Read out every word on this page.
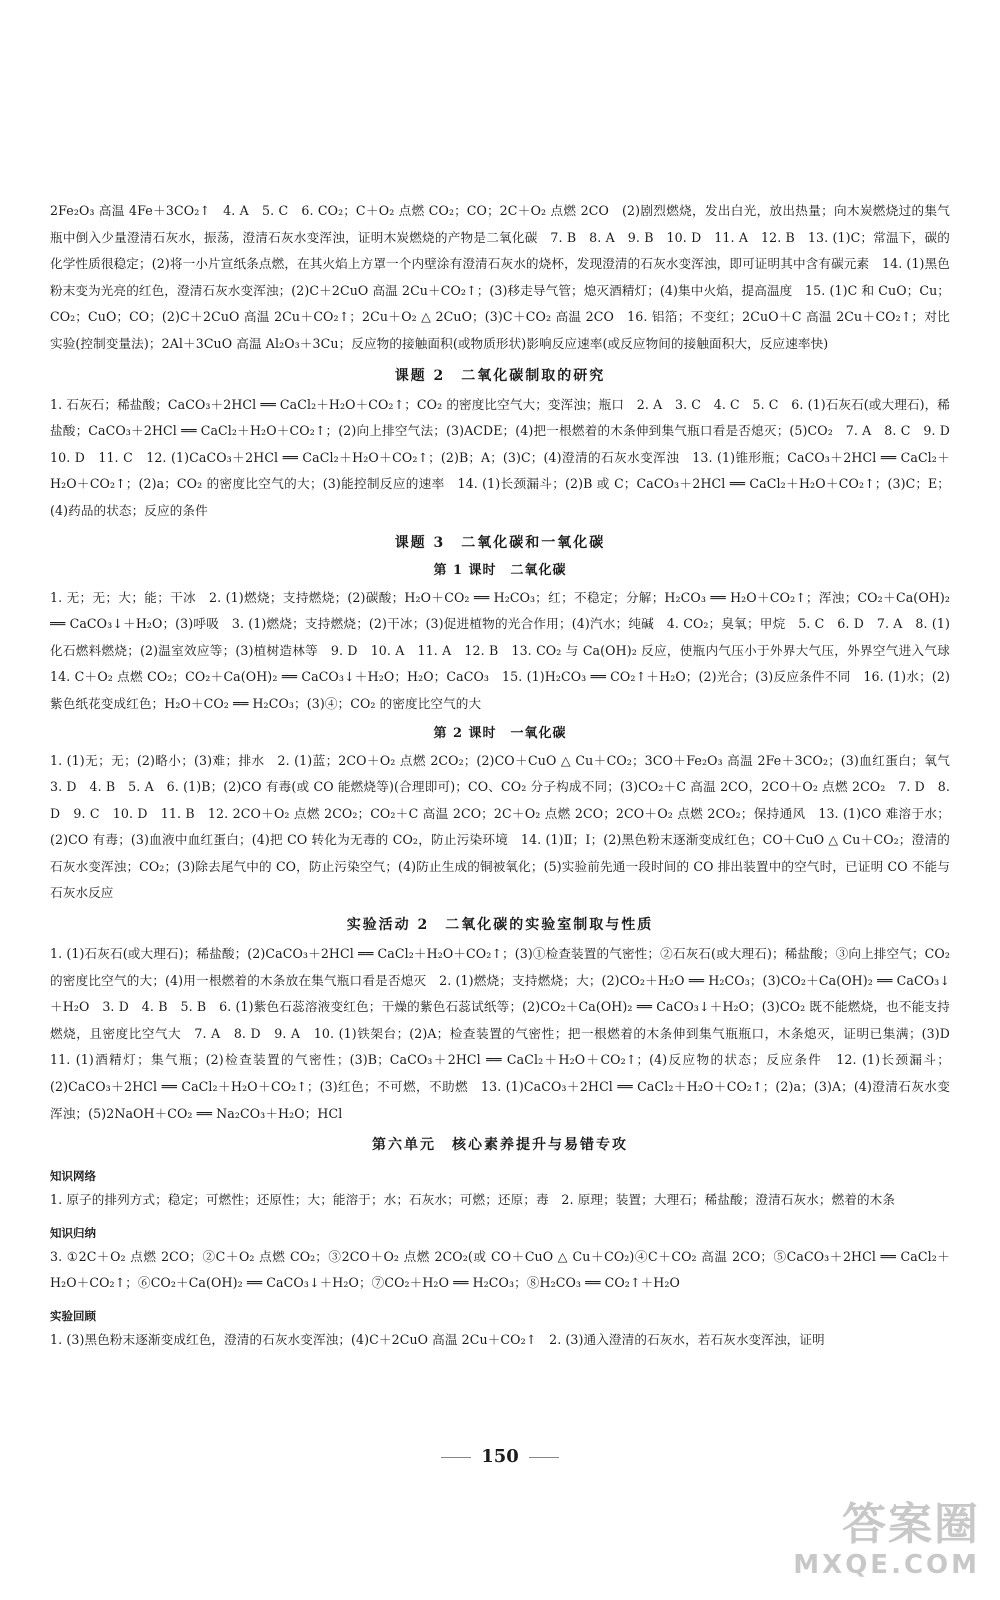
2Fe₂O₃ 高温 4Fe＋3CO₂↑　4. A　5. C　6. CO₂；C＋O₂ 点燃 CO₂；CO；2C＋O₂ 点燃 2CO　(2)剧烈燃烧，发出白光，放出热量；向木炭燃烧过的集气瓶中倒入少量澄清石灰水，振荡，澄清石灰水变浑浊，证明木炭燃烧的产物是二氧化碳　7. B　8. A　9. B　10. D　11. A　12. B　13. (1)C；常温下，碳的化学性质很稳定；(2)将一小片宣纸条点燃，在其火焰上方罩一个内壁涂有澄清石灰水的烧杯，发现澄清的石灰水变浑浊，即可证明其中含有碳元素　14. (1)黑色粉末变为光亮的红色，澄清石灰水变浑浊；(2)C＋2CuO 高温 2Cu＋CO₂↑；(3)移走导气管；熄灭酒精灯；(4)集中火焰，提高温度　15. (1)C 和 CuO；Cu；CO₂；CuO；CO；(2)C＋2CuO 高温 2Cu＋CO₂↑；2Cu＋O₂ △ 2CuO；(3)C＋CO₂ 高温 2CO　16. 铝箔；不变红；2CuO＋C 高温 2Cu＋CO₂↑；对比实验(控制变量法)；2Al＋3CuO 高温 Al₂O₃＋3Cu；反应物的接触面积(或物质形状)影响反应速率(或反应物间的接触面积大，反应速率快)

课题 2　二氧化碳制取的研究

1. 石灰石；稀盐酸；CaCO₃＋2HCl ══ CaCl₂＋H₂O＋CO₂↑；CO₂ 的密度比空气大；变浑浊；瓶口　2. A　3. C　4. C　5. C　6. (1)石灰石(或大理石)，稀盐酸；CaCO₃＋2HCl ══ CaCl₂＋H₂O＋CO₂↑；(2)向上排空气法；(3)ACDE；(4)把一根燃着的木条伸到集气瓶口看是否熄灭；(5)CO₂　7. A　8. C　9. D　10. D　11. C　12. (1)CaCO₃＋2HCl ══ CaCl₂＋H₂O＋CO₂↑；(2)B；A；(3)C；(4)澄清的石灰水变浑浊　13. (1)锥形瓶；CaCO₃＋2HCl ══ CaCl₂＋H₂O＋CO₂↑；(2)a；CO₂ 的密度比空气的大；(3)能控制反应的速率　14. (1)长颈漏斗；(2)B 或 C；CaCO₃＋2HCl ══ CaCl₂＋H₂O＋CO₂↑；(3)C；E；(4)药品的状态；反应的条件

课题 3　二氧化碳和一氧化碳
第 1 课时　二氧化碳

1. 无；无；大；能；干冰　2. (1)燃烧；支持燃烧；(2)碳酸；H₂O＋CO₂ ══ H₂CO₃；红；不稳定；分解；H₂CO₃ ══ H₂O＋CO₂↑；浑浊；CO₂＋Ca(OH)₂ ══ CaCO₃↓＋H₂O；(3)呼吸　3. (1)燃烧；支持燃烧；(2)干冰；(3)促进植物的光合作用；(4)汽水；纯碱　4. CO₂；臭氧；甲烷　5. C　6. D　7. A　8. (1)化石燃料燃烧；(2)温室效应等；(3)植树造林等　9. D　10. A　11. A　12. B　13. CO₂ 与 Ca(OH)₂ 反应，使瓶内气压小于外界大气压，外界空气进入气球　14. C＋O₂ 点燃 CO₂；CO₂＋Ca(OH)₂ ══ CaCO₃↓＋H₂O；H₂O；CaCO₃　15. (1)H₂CO₃ ══ CO₂↑＋H₂O；(2)光合；(3)反应条件不同　16. (1)水；(2)紫色纸花变成红色；H₂O＋CO₂ ══ H₂CO₃；(3)④；CO₂ 的密度比空气的大

第 2 课时　一氧化碳

1. (1)无；无；(2)略小；(3)难；排水　2. (1)蓝；2CO＋O₂ 点燃 2CO₂；(2)CO＋CuO △ Cu＋CO₂；3CO＋Fe₂O₃ 高温 2Fe＋3CO₂；(3)血红蛋白；氧气　3. D　4. B　5. A　6. (1)B；(2)CO 有毒(或 CO 能燃烧等)(合理即可)；CO、CO₂ 分子构成不同；(3)CO₂＋C 高温 2CO，2CO＋O₂ 点燃 2CO₂　7. D　8. D　9. C　10. D　11. B　12. 2CO＋O₂ 点燃 2CO₂；CO₂＋C 高温 2CO；2C＋O₂ 点燃 2CO；2CO＋O₂ 点燃 2CO₂；保持通风　13. (1)CO 难溶于水；(2)CO 有毒；(3)血液中血红蛋白；(4)把 CO 转化为无毒的 CO₂，防止污染环境　14. (1)Ⅱ；Ⅰ；(2)黑色粉末逐渐变成红色；CO＋CuO △ Cu＋CO₂；澄清的石灰水变浑浊；CO₂；(3)除去尾气中的 CO，防止污染空气；(4)防止生成的铜被氧化；(5)实验前先通一段时间的 CO 排出装置中的空气时，已证明 CO 不能与石灰水反应

实验活动 2　二氧化碳的实验室制取与性质

1. (1)石灰石(或大理石)；稀盐酸；(2)CaCO₃＋2HCl ══ CaCl₂＋H₂O＋CO₂↑；(3)①检查装置的气密性；②石灰石(或大理石)；稀盐酸；③向上排空气；CO₂ 的密度比空气的大；(4)用一根燃着的木条放在集气瓶口看是否熄灭　2. (1)燃烧；支持燃烧；大；(2)CO₂＋H₂O ══ H₂CO₃；(3)CO₂＋Ca(OH)₂ ══ CaCO₃↓＋H₂O　3. D　4. B　5. B　6. (1)紫色石蕊溶液变红色；干燥的紫色石蕊试纸等；(2)CO₂＋Ca(OH)₂ ══ CaCO₃↓＋H₂O；(3)CO₂ 既不能燃烧，也不能支持燃烧，且密度比空气大　7. A　8. D　9. A　10. (1)铁架台；(2)A；检查装置的气密性；把一根燃着的木条伸到集气瓶瓶口，木条熄灭，证明已集满；(3)D　11. (1)酒精灯；集气瓶；(2)检查装置的气密性；(3)B；CaCO₃＋2HCl ══ CaCl₂＋H₂O＋CO₂↑；(4)反应物的状态；反应条件　12. (1)长颈漏斗；(2)CaCO₃＋2HCl ══ CaCl₂＋H₂O＋CO₂↑；(3)红色；不可燃，不助燃　13. (1)CaCO₃＋2HCl ══ CaCl₂＋H₂O＋CO₂↑；(2)a；(3)A；(4)澄清石灰水变浑浊；(5)2NaOH＋CO₂ ══ Na₂CO₃＋H₂O；HCl

第六单元　核心素养提升与易错专攻
知识网络

1. 原子的排列方式；稳定；可燃性；还原性；大；能溶于；水；石灰水；可燃；还原；毒　2. 原理；装置；大理石；稀盐酸；澄清石灰水；燃着的木条

知识归纳

3. ①2C＋O₂ 点燃 2CO；②C＋O₂ 点燃 CO₂；③2CO＋O₂ 点燃 2CO₂(或 CO＋CuO △ Cu＋CO₂)④C＋CO₂ 高温 2CO；⑤CaCO₃＋2HCl ══ CaCl₂＋H₂O＋CO₂↑；⑥CO₂＋Ca(OH)₂ ══ CaCO₃↓＋H₂O；⑦CO₂＋H₂O ══ H₂CO₃；⑧H₂CO₃ ══ CO₂↑＋H₂O

实验回顾

1. (3)黑色粉末逐渐变成红色，澄清的石灰水变浑浊；(4)C＋2CuO 高温 2Cu＋CO₂↑　2. (3)通入澄清的石灰水，若石灰水变浑浊，证明

150
答案圈
MXQE.COM
